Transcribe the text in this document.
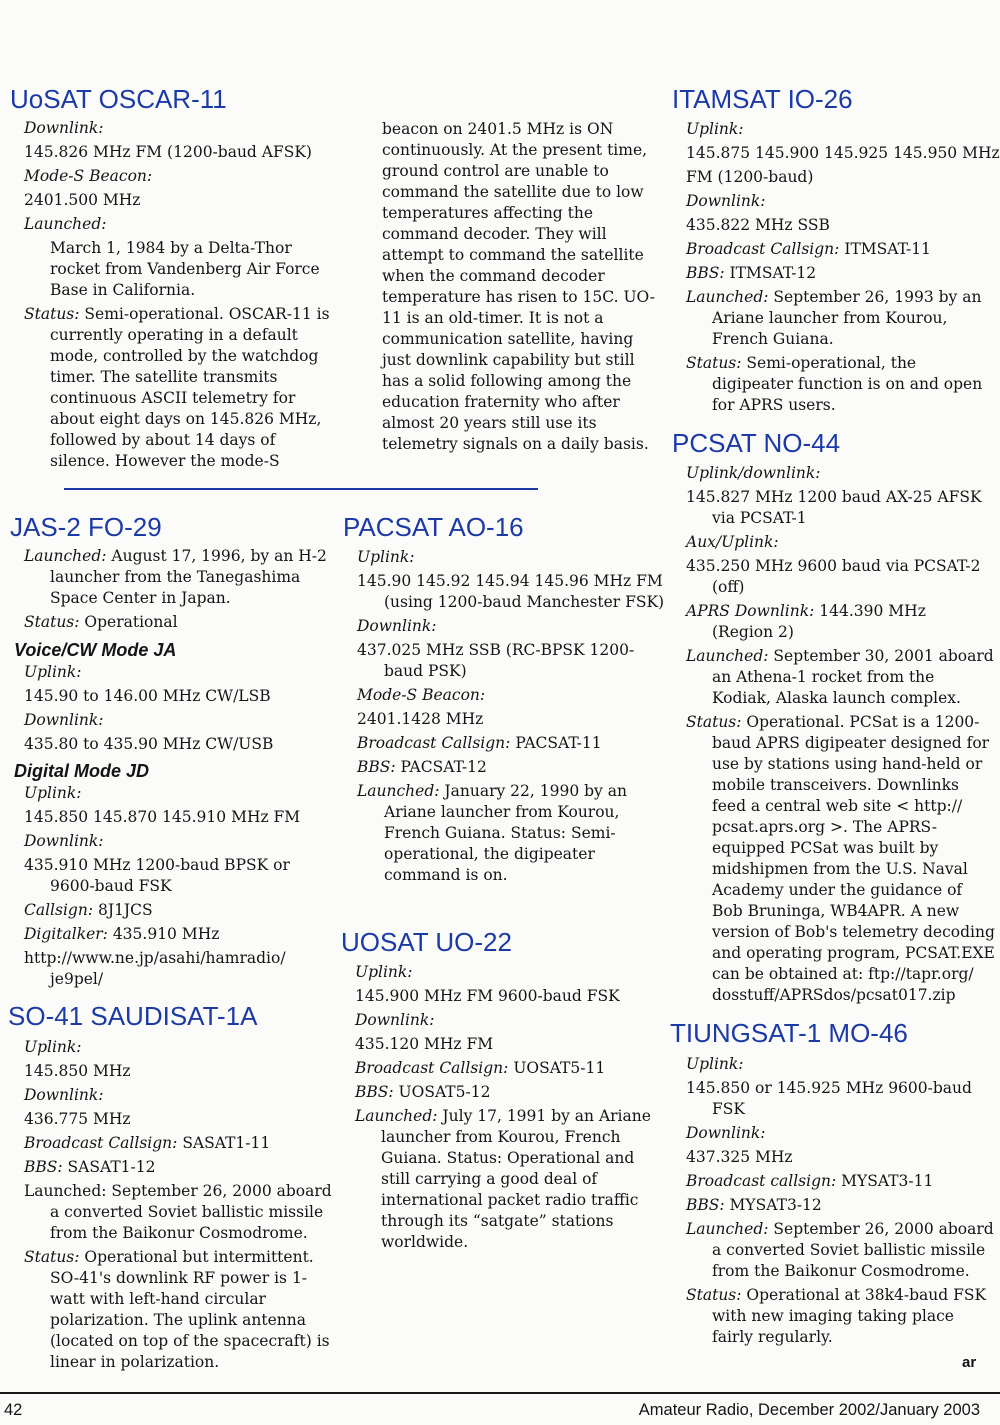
UoSAT OSCAR-11

Downlink:

145.826 MHz FM (1200-baud AFSK)

Mode-S Beacon:

2401.500 MHz

Launched:

March 1, 1984 by a Delta-Thor

rocket from Vandenberg Air Force

Base in California.

Status: Semi-operational. OSCAR-11 is

currently operating in a default

mode, controlled by the watchdog

timer. The satellite transmits

continuous ASCII telemetry for

about eight days on 145.826 MHz,

followed by about 14 days of

silence. However the mode-S

beacon on 2401.5 MHz is ON

continuously. At the present time,

ground control are unable to

command the satellite due to low

temperatures affecting the

command decoder. They will

attempt to command the satellite

when the command decoder

temperature has risen to 15C. UO-

11 is an old-timer. It is not a

communication satellite, having

just downlink capability but still

has a solid following among the

education fraternity who after

almost 20 years still use its

telemetry signals on a daily basis.

JAS-2 FO-29

Launched: August 17, 1996, by an H-2

launcher from the Tanegashima

Space Center in Japan.

Status: Operational

Voice/CW Mode JA

Uplink:

145.90 to 146.00 MHz CW/LSB

Downlink:

435.80 to 435.90 MHz CW/USB

Digital Mode JD

Uplink:

145.850 145.870 145.910 MHz FM

Downlink:

435.910 MHz 1200-baud BPSK or

9600-baud FSK

Callsign: 8J1JCS

Digitalker: 435.910 MHz

http://www.ne.jp/asahi/hamradio/

je9pel/

SO-41 SAUDISAT-1A

Uplink:

145.850 MHz

Downlink:

436.775 MHz

Broadcast Callsign: SASAT1-11

BBS: SASAT1-12

Launched: September 26, 2000 aboard

a converted Soviet ballistic missile

from the Baikonur Cosmodrome.

Status: Operational but intermittent.

SO-41's downlink RF power is 1-

watt with left-hand circular

polarization. The uplink antenna

(located on top of the spacecraft) is

linear in polarization.

PACSAT AO-16

Uplink:

145.90 145.92 145.94 145.96 MHz FM

(using 1200-baud Manchester FSK)

Downlink:

437.025 MHz SSB (RC-BPSK 1200-

baud PSK)

Mode-S Beacon:

2401.1428 MHz

Broadcast Callsign: PACSAT-11

BBS: PACSAT-12

Launched: January 22, 1990 by an

Ariane launcher from Kourou,

French Guiana. Status: Semi-

operational, the digipeater

command is on.

UOSAT UO-22

Uplink:

145.900 MHz FM 9600-baud FSK

Downlink:

435.120 MHz FM

Broadcast Callsign: UOSAT5-11

BBS: UOSAT5-12

Launched: July 17, 1991 by an Ariane

launcher from Kourou, French

Guiana. Status: Operational and

still carrying a good deal of

international packet radio traffic

through its “satgate” stations

worldwide.

ITAMSAT IO-26

Uplink:

145.875 145.900 145.925 145.950 MHz

FM (1200-baud)

Downlink:

435.822 MHz SSB

Broadcast Callsign: ITMSAT-11

BBS: ITMSAT-12

Launched: September 26, 1993 by an

Ariane launcher from Kourou,

French Guiana.

Status: Semi-operational, the

digipeater function is on and open

for APRS users.

PCSAT NO-44

Uplink/downlink:

145.827 MHz 1200 baud AX-25 AFSK

via PCSAT-1

Aux/Uplink:

435.250 MHz 9600 baud via PCSAT-2

(off)

APRS Downlink: 144.390 MHz

(Region 2)

Launched: September 30, 2001 aboard

an Athena-1 rocket from the

Kodiak, Alaska launch complex.

Status: Operational. PCSat is a 1200-

baud APRS digipeater designed for

use by stations using hand-held or

mobile transceivers. Downlinks

feed a central web site < http://

pcsat.aprs.org >. The APRS-

equipped PCSat was built by

midshipmen from the U.S. Naval

Academy under the guidance of

Bob Bruninga, WB4APR. A new

version of Bob's telemetry decoding

and operating program, PCSAT.EXE

can be obtained at: ftp://tapr.org/

dosstuff/APRSdos/pcsat017.zip

TIUNGSAT-1 MO-46

Uplink:

145.850 or 145.925 MHz 9600-baud

FSK

Downlink:

437.325 MHz

Broadcast callsign: MYSAT3-11

BBS: MYSAT3-12

Launched: September 26, 2000 aboard

a converted Soviet ballistic missile

from the Baikonur Cosmodrome.

Status: Operational at 38k4-baud FSK

with new imaging taking place

fairly regularly.

ar

42	Amateur Radio, December 2002/January 2003
